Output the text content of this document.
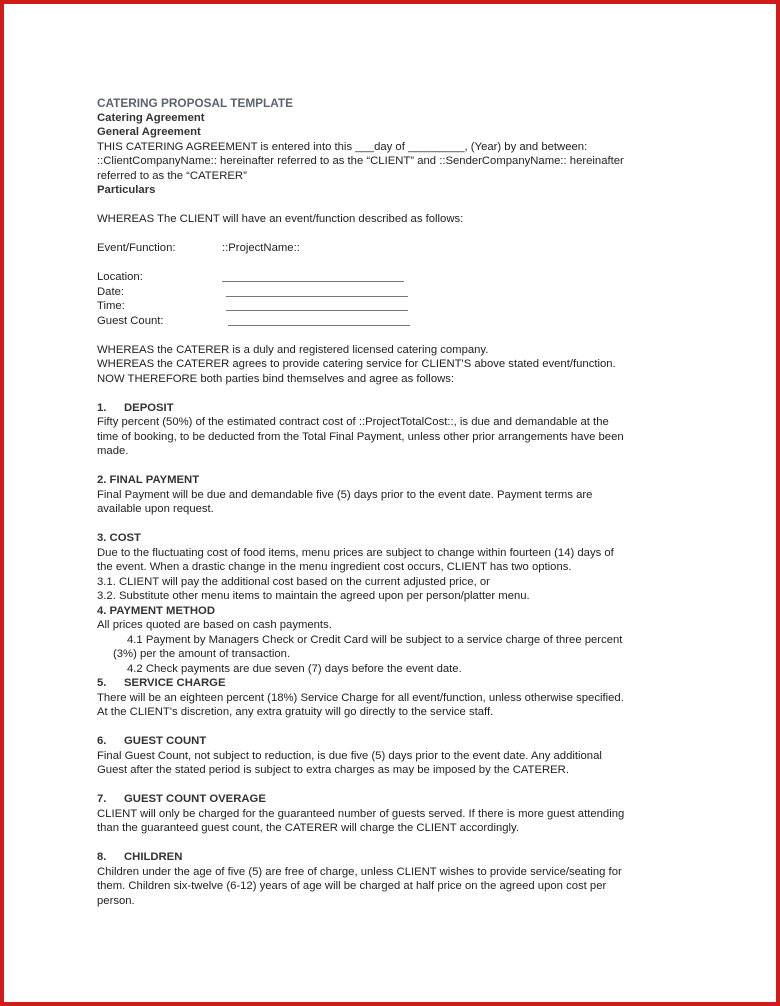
CATERING PROPOSAL TEMPLATE
Catering Agreement
General Agreement
THIS CATERING AGREEMENT is entered into this ___day of _________, (Year) by and between:
::ClientCompanyName:: hereinafter referred to as the “CLIENT” and ::SenderCompanyName:: hereinafter
referred to as the “CATERER”
Particulars
WHEREAS The CLIENT will have an event/function described as follows:
Event/Function:	::ProjectName::
Location:
Date:
Time:
Guest Count:
WHEREAS the CATERER is a duly and registered licensed catering company.
WHEREAS the CATERER agrees to provide catering service for CLIENT'S above stated event/function.
NOW THEREFORE both parties bind themselves and agree as follows:
1. DEPOSIT
Fifty percent (50%) of the estimated contract cost of ::ProjectTotalCost::, is due and demandable at the
time of booking, to be deducted from the Total Final Payment, unless other prior arrangements have been
made.
2. FINAL PAYMENT
Final Payment will be due and demandable five (5) days prior to the event date. Payment terms are
available upon request.
3. COST
Due to the fluctuating cost of food items, menu prices are subject to change within fourteen (14) days of
the event. When a drastic change in the menu ingredient cost occurs, CLIENT has two options.
3.1. CLIENT will pay the additional cost based on the current adjusted price, or
3.2. Substitute other menu items to maintain the agreed upon per person/platter menu.
4. PAYMENT METHOD
All prices quoted are based on cash payments.
4.1 Payment by Managers Check or Credit Card will be subject to a service charge of three percent
(3%) per the amount of transaction.
4.2 Check payments are due seven (7) days before the event date.
5. SERVICE CHARGE
There will be an eighteen percent (18%) Service Charge for all event/function, unless otherwise specified.
At the CLIENT's discretion, any extra gratuity will go directly to the service staff.
6. GUEST COUNT
Final Guest Count, not subject to reduction, is due five (5) days prior to the event date. Any additional
Guest after the stated period is subject to extra charges as may be imposed by the CATERER.
7. GUEST COUNT OVERAGE
CLIENT will only be charged for the guaranteed number of guests served. If there is more guest attending
than the guaranteed guest count, the CATERER will charge the CLIENT accordingly.
8. CHILDREN
Children under the age of five (5) are free of charge, unless CLIENT wishes to provide service/seating for
them. Children six-twelve (6-12) years of age will be charged at half price on the agreed upon cost per
person.
